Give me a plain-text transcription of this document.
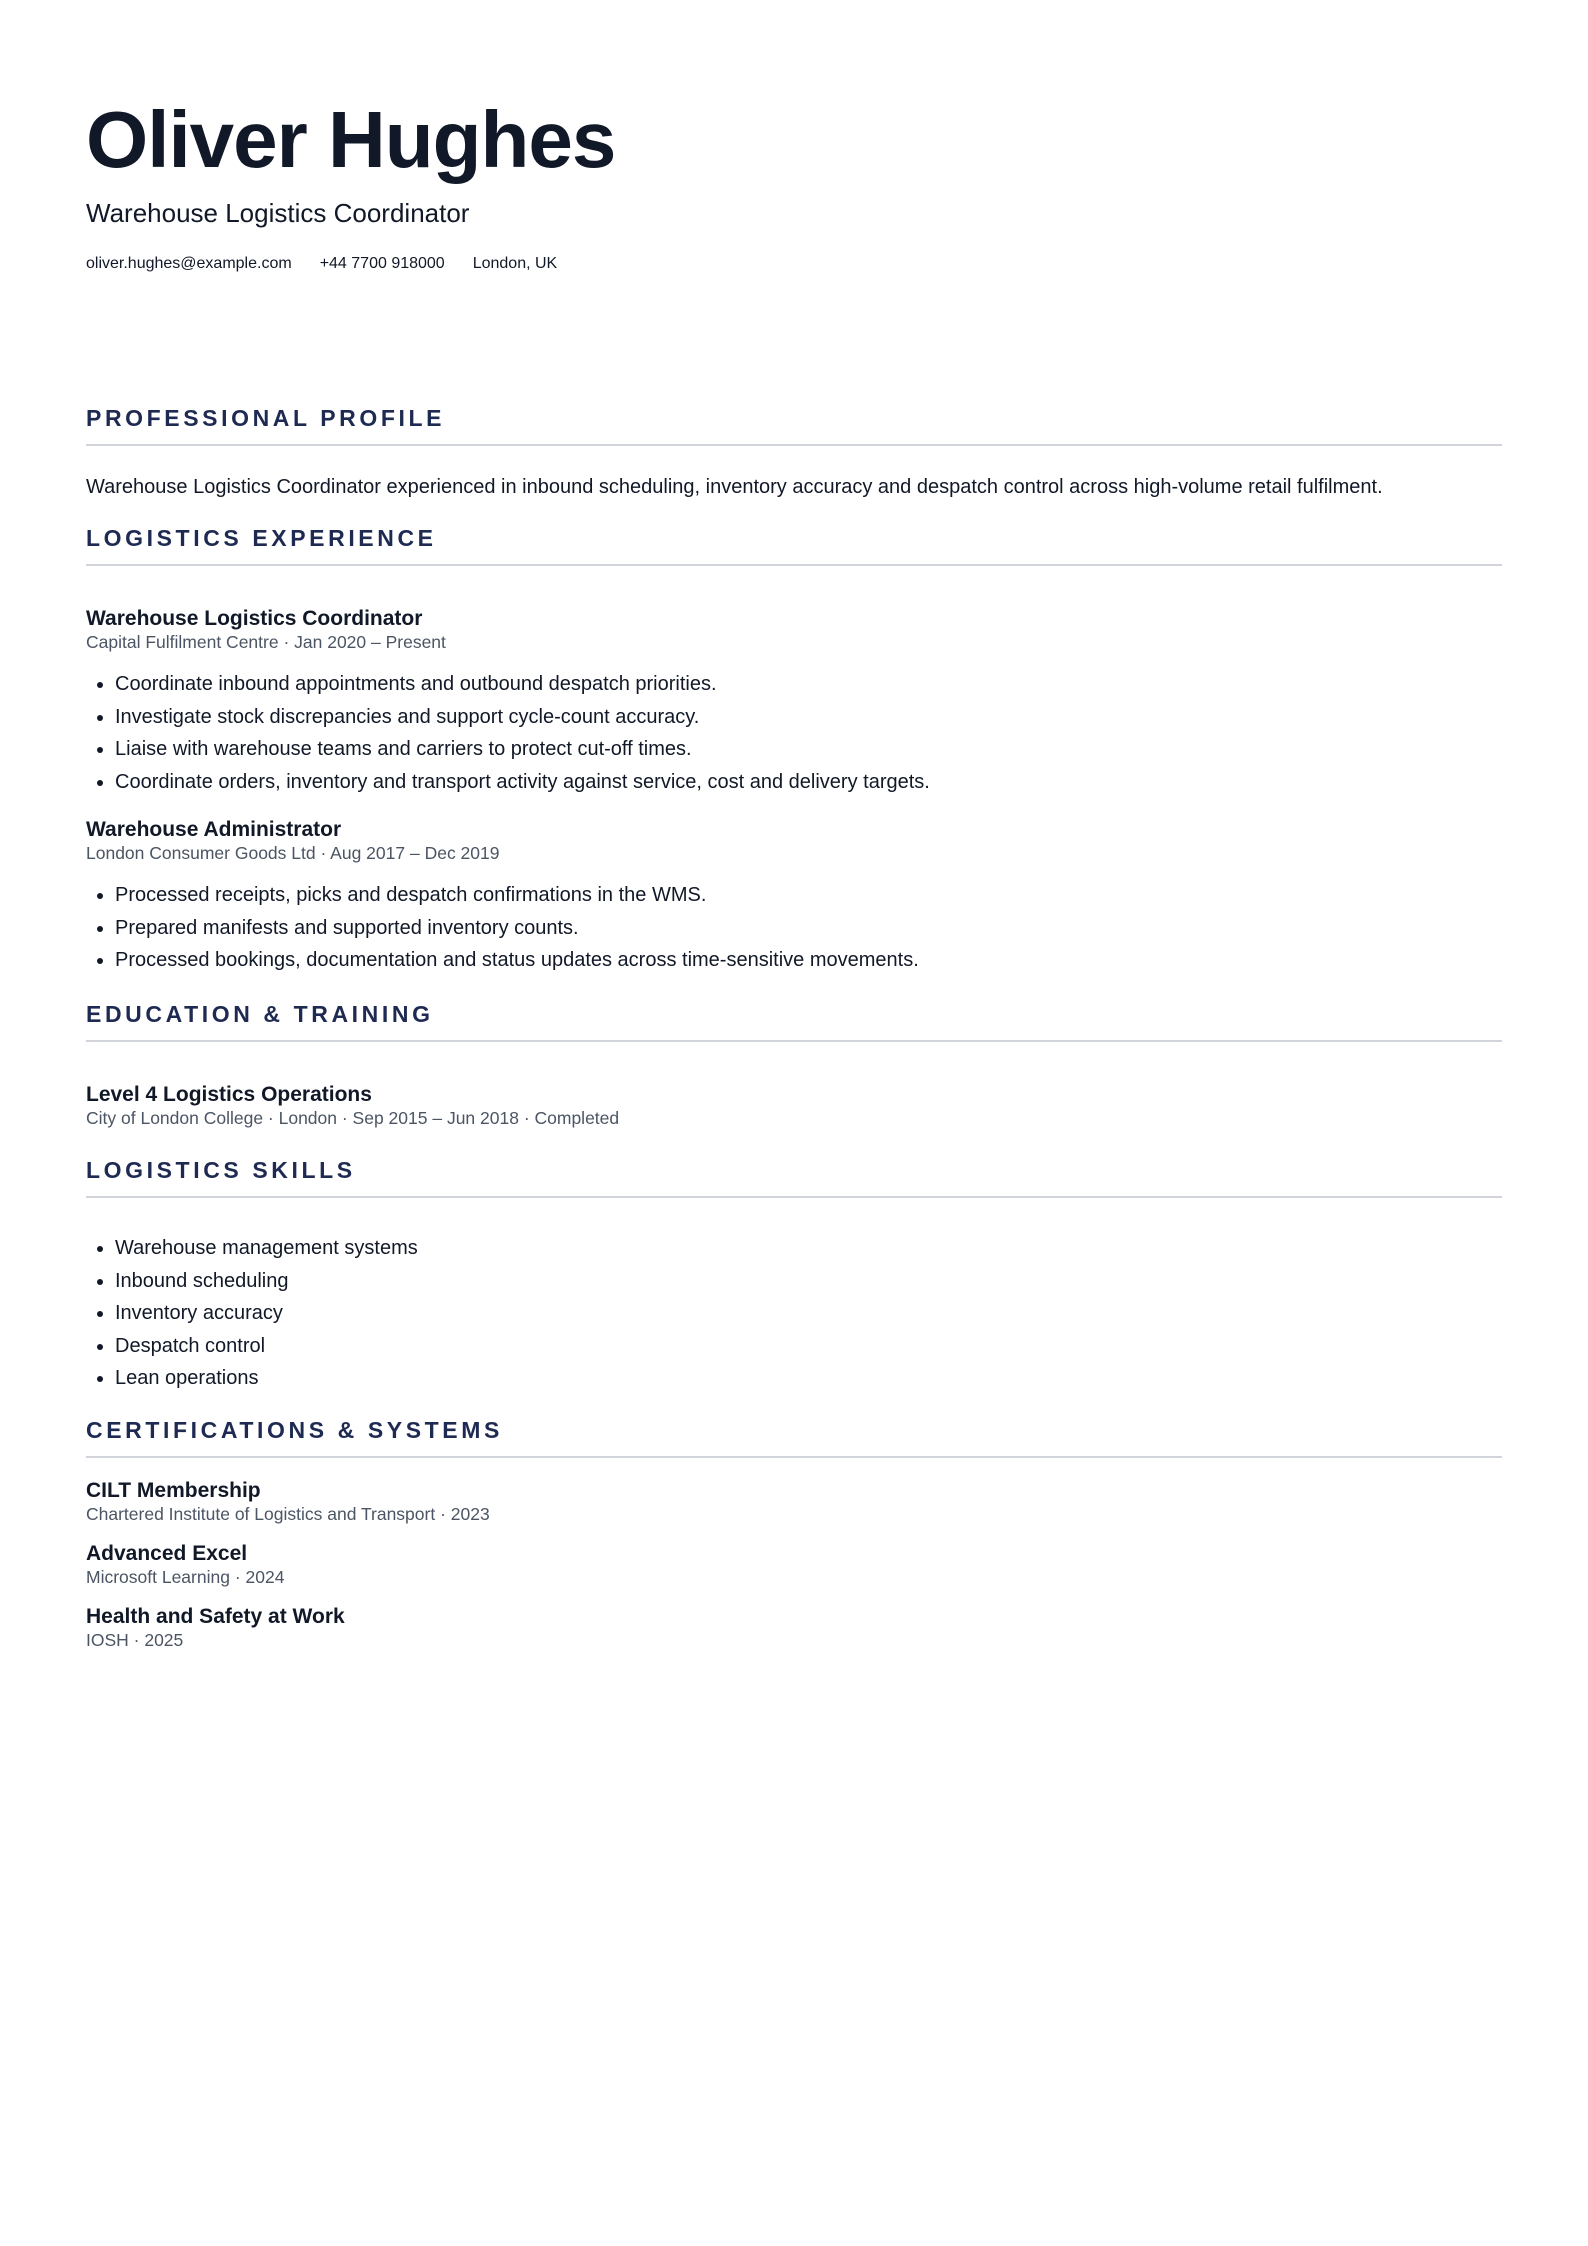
Oliver Hughes
Warehouse Logistics Coordinator
oliver.hughes@example.com +44 7700 918000 London, UK
PROFESSIONAL PROFILE
Warehouse Logistics Coordinator experienced in inbound scheduling, inventory accuracy and despatch control across high-volume retail fulfilment.
LOGISTICS EXPERIENCE
Warehouse Logistics Coordinator
Capital Fulfilment Centre · Jan 2020 – Present
• Coordinate inbound appointments and outbound despatch priorities.
• Investigate stock discrepancies and support cycle-count accuracy.
• Liaise with warehouse teams and carriers to protect cut-off times.
• Coordinate orders, inventory and transport activity against service, cost and delivery targets.
Warehouse Administrator
London Consumer Goods Ltd · Aug 2017 – Dec 2019
• Processed receipts, picks and despatch confirmations in the WMS.
• Prepared manifests and supported inventory counts.
• Processed bookings, documentation and status updates across time-sensitive movements.
EDUCATION & TRAINING
Level 4 Logistics Operations
City of London College · London · Sep 2015 – Jun 2018 · Completed
LOGISTICS SKILLS
• Warehouse management systems
• Inbound scheduling
• Inventory accuracy
• Despatch control
• Lean operations
CERTIFICATIONS & SYSTEMS
CILT Membership
Chartered Institute of Logistics and Transport · 2023
Advanced Excel
Microsoft Learning · 2024
Health and Safety at Work
IOSH · 2025
